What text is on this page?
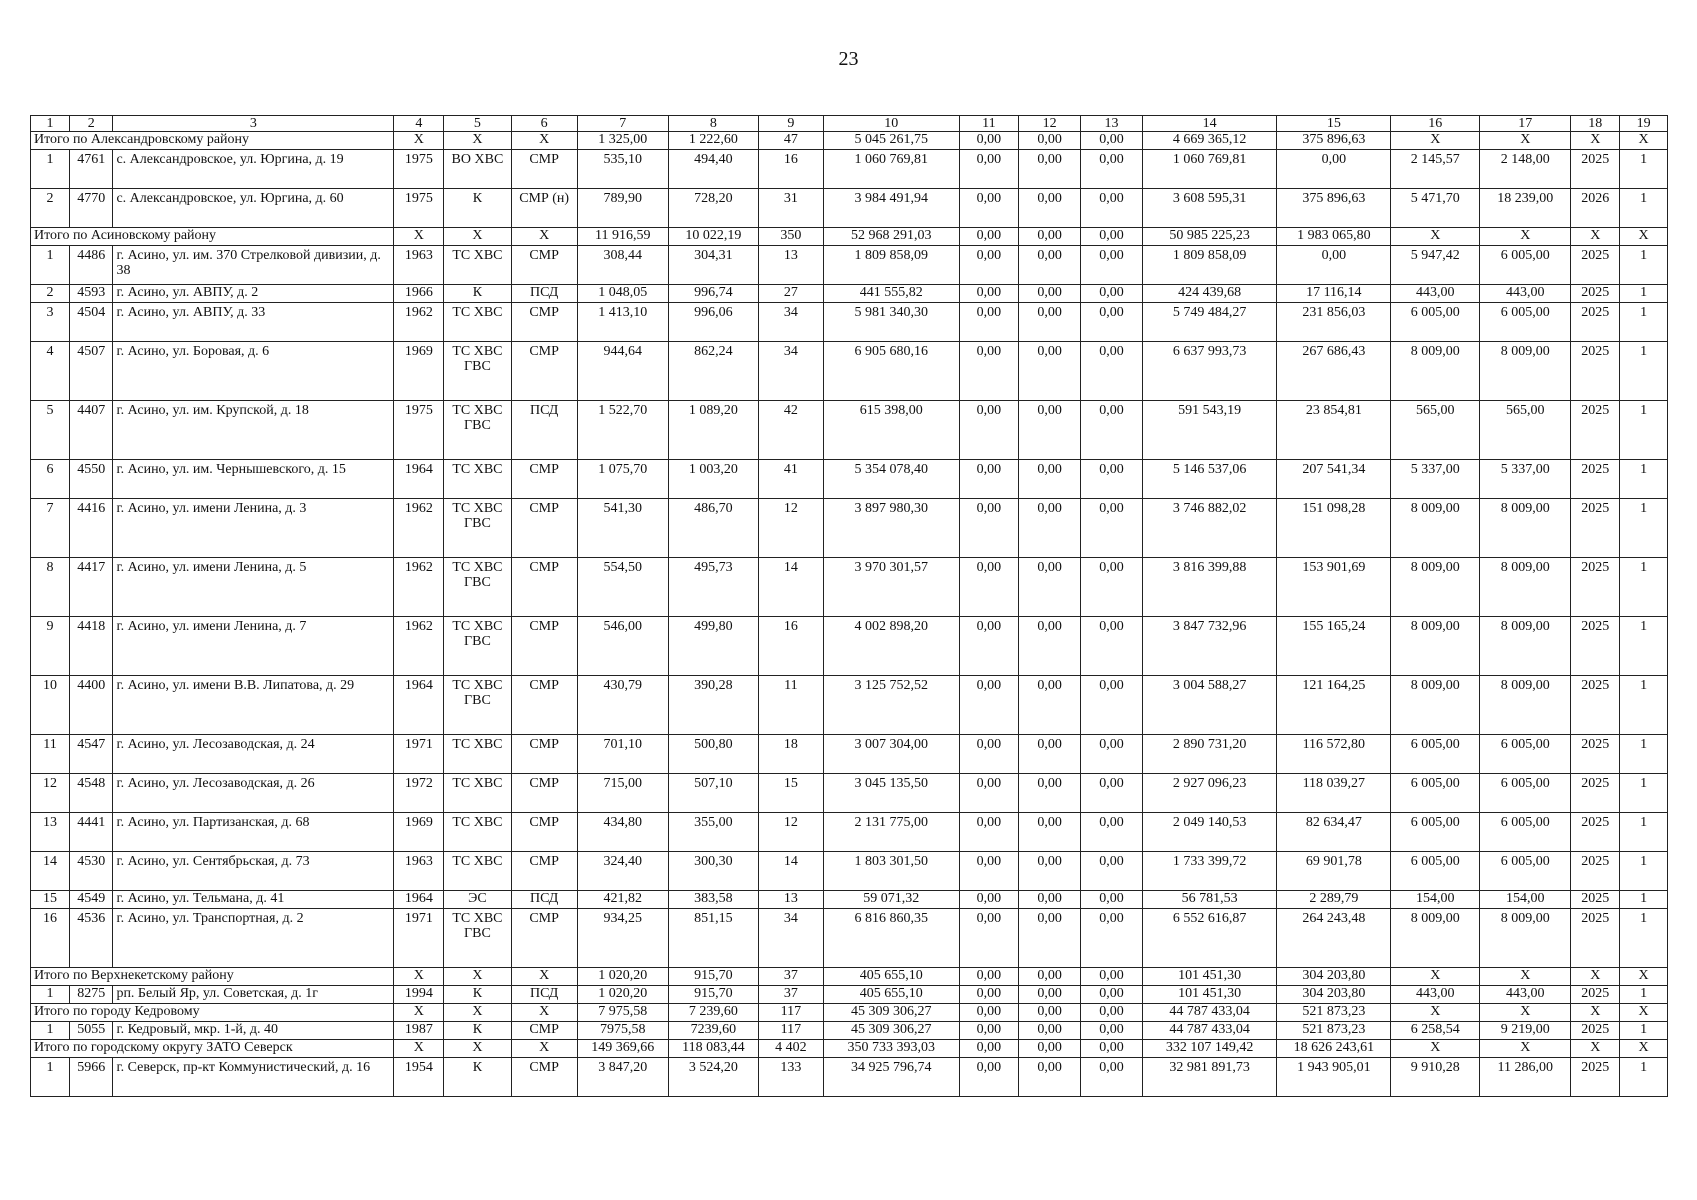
23
1	2	3	4	5	6	7	8	9	10	11	12	13	14	15	16	17	18	19
Итого по Александровскому району			Х	Х	Х	1 325,00	1 222,60	47	5 045 261,75	0,00	0,00	0,00	4 669 365,12	375 896,63	Х	Х	Х	Х
1	4761	с. Александровское, ул. Юргина, д. 19	1975	ВО ХВС	СМР	535,10	494,40	16	1 060 769,81	0,00	0,00	0,00	1 060 769,81	0,00	2 145,57	2 148,00	2025	1
2	4770	с. Александровское, ул. Юргина, д. 60	1975	К	СМР (н)	789,90	728,20	31	3 984 491,94	0,00	0,00	0,00	3 608 595,31	375 896,63	5 471,70	18 239,00	2026	1
Итого по Асиновскому району			Х	Х	Х	11 916,59	10 022,19	350	52 968 291,03	0,00	0,00	0,00	50 985 225,23	1 983 065,80	Х	Х	Х	Х
1	4486	г. Асино, ул. им. 370 Стрелковой дивизии, д. 38	1963	ТС ХВС	СМР	308,44	304,31	13	1 809 858,09	0,00	0,00	0,00	1 809 858,09	0,00	5 947,42	6 005,00	2025	1
2	4593	г. Асино, ул. АВПУ, д. 2	1966	К	ПСД	1 048,05	996,74	27	441 555,82	0,00	0,00	0,00	424 439,68	17 116,14	443,00	443,00	2025	1
3	4504	г. Асино, ул. АВПУ, д. 33	1962	ТС ХВС	СМР	1 413,10	996,06	34	5 981 340,30	0,00	0,00	0,00	5 749 484,27	231 856,03	6 005,00	6 005,00	2025	1
4	4507	г. Асино, ул. Боровая, д. 6	1969	ТС ХВС ГВС	СМР	944,64	862,24	34	6 905 680,16	0,00	0,00	0,00	6 637 993,73	267 686,43	8 009,00	8 009,00	2025	1
5	4407	г. Асино, ул. им. Крупской, д. 18	1975	ТС ХВС ГВС	ПСД	1 522,70	1 089,20	42	615 398,00	0,00	0,00	0,00	591 543,19	23 854,81	565,00	565,00	2025	1
6	4550	г. Асино, ул. им. Чернышевского, д. 15	1964	ТС ХВС	СМР	1 075,70	1 003,20	41	5 354 078,40	0,00	0,00	0,00	5 146 537,06	207 541,34	5 337,00	5 337,00	2025	1
7	4416	г. Асино, ул. имени Ленина, д. 3	1962	ТС ХВС ГВС	СМР	541,30	486,70	12	3 897 980,30	0,00	0,00	0,00	3 746 882,02	151 098,28	8 009,00	8 009,00	2025	1
8	4417	г. Асино, ул. имени Ленина, д. 5	1962	ТС ХВС ГВС	СМР	554,50	495,73	14	3 970 301,57	0,00	0,00	0,00	3 816 399,88	153 901,69	8 009,00	8 009,00	2025	1
9	4418	г. Асино, ул. имени Ленина, д. 7	1962	ТС ХВС ГВС	СМР	546,00	499,80	16	4 002 898,20	0,00	0,00	0,00	3 847 732,96	155 165,24	8 009,00	8 009,00	2025	1
10	4400	г. Асино, ул. имени В.В. Липатова, д. 29	1964	ТС ХВС ГВС	СМР	430,79	390,28	11	3 125 752,52	0,00	0,00	0,00	3 004 588,27	121 164,25	8 009,00	8 009,00	2025	1
11	4547	г. Асино, ул. Лесозаводская, д. 24	1971	ТС ХВС	СМР	701,10	500,80	18	3 007 304,00	0,00	0,00	0,00	2 890 731,20	116 572,80	6 005,00	6 005,00	2025	1
12	4548	г. Асино, ул. Лесозаводская, д. 26	1972	ТС ХВС	СМР	715,00	507,10	15	3 045 135,50	0,00	0,00	0,00	2 927 096,23	118 039,27	6 005,00	6 005,00	2025	1
13	4441	г. Асино, ул. Партизанская, д. 68	1969	ТС ХВС	СМР	434,80	355,00	12	2 131 775,00	0,00	0,00	0,00	2 049 140,53	82 634,47	6 005,00	6 005,00	2025	1
14	4530	г. Асино, ул. Сентябрьская, д. 73	1963	ТС ХВС	СМР	324,40	300,30	14	1 803 301,50	0,00	0,00	0,00	1 733 399,72	69 901,78	6 005,00	6 005,00	2025	1
15	4549	г. Асино, ул. Тельмана, д. 41	1964	ЭС	ПСД	421,82	383,58	13	59 071,32	0,00	0,00	0,00	56 781,53	2 289,79	154,00	154,00	2025	1
16	4536	г. Асино, ул. Транспортная, д. 2	1971	ТС ХВС ГВС	СМР	934,25	851,15	34	6 816 860,35	0,00	0,00	0,00	6 552 616,87	264 243,48	8 009,00	8 009,00	2025	1
Итого по Верхнекетскому району			Х	Х	Х	1 020,20	915,70	37	405 655,10	0,00	0,00	0,00	101 451,30	304 203,80	Х	Х	Х	Х
1	8275	рп. Белый Яр, ул. Советская, д. 1г	1994	К	ПСД	1 020,20	915,70	37	405 655,10	0,00	0,00	0,00	101 451,30	304 203,80	443,00	443,00	2025	1
Итого по городу Кедровому			Х	Х	Х	7 975,58	7 239,60	117	45 309 306,27	0,00	0,00	0,00	44 787 433,04	521 873,23	Х	Х	Х	Х
1	5055	г. Кедровый, мкр. 1-й, д. 40	1987	К	СМР	7975,58	7239,60	117	45 309 306,27	0,00	0,00	0,00	44 787 433,04	521 873,23	6 258,54	9 219,00	2025	1
Итого по городскому округу ЗАТО Северск			Х	Х	Х	149 369,66	118 083,44	4 402	350 733 393,03	0,00	0,00	0,00	332 107 149,42	18 626 243,61	Х	Х	Х	Х
1	5966	г. Северск, пр-кт Коммунистический, д. 16	1954	К	СМР	3 847,20	3 524,20	133	34 925 796,74	0,00	0,00	0,00	32 981 891,73	1 943 905,01	9 910,28	11 286,00	2025	1
